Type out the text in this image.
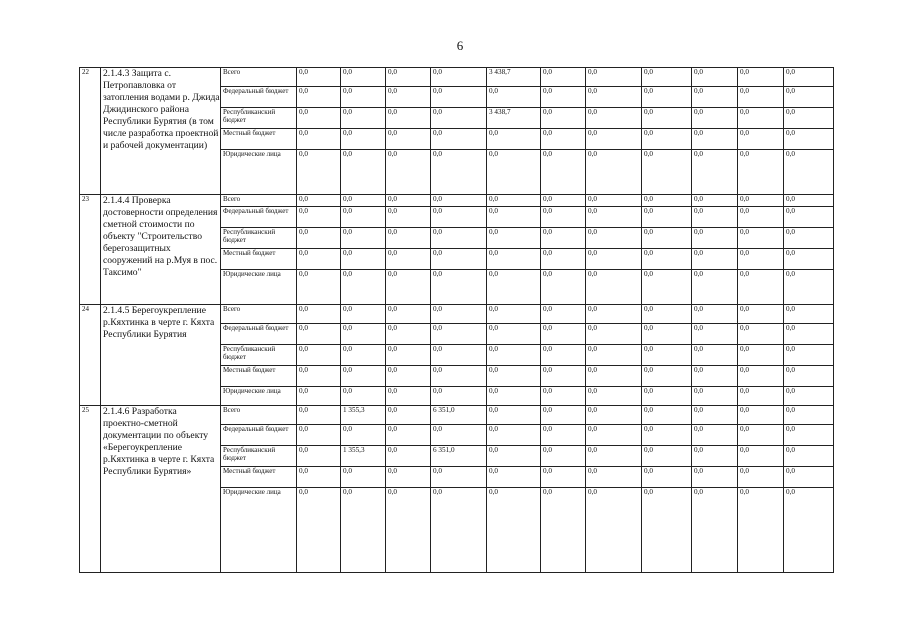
6
22	2.1.4.3 Защита с. Петропавловка от затопления водами р. Джида Джидинского района Республики Бурятия (в том числе разработка проектной и рабочей документации)	Всего	0,0	0,0	0,0	0,0	3 438,7	0,0	0,0	0,0	0,0	0,0	0,0
		Федеральный бюджет	0,0	0,0	0,0	0,0	0,0	0,0	0,0	0,0	0,0	0,0	0,0
		Республиканский бюджет	0,0	0,0	0,0	0,0	3 438,7	0,0	0,0	0,0	0,0	0,0	0,0
		Местный бюджет	0,0	0,0	0,0	0,0	0,0	0,0	0,0	0,0	0,0	0,0	0,0
		Юридические лица	0,0	0,0	0,0	0,0	0,0	0,0	0,0	0,0	0,0	0,0	0,0
23	2.1.4.4 Проверка достоверности определения сметной стоимости по объекту "Строительство берегозащитных сооружений на р.Муя в пос. Таксимо"	Всего	0,0	0,0	0,0	0,0	0,0	0,0	0,0	0,0	0,0	0,0	0,0
		Федеральный бюджет	0,0	0,0	0,0	0,0	0,0	0,0	0,0	0,0	0,0	0,0	0,0
		Республиканский бюджет	0,0	0,0	0,0	0,0	0,0	0,0	0,0	0,0	0,0	0,0	0,0
		Местный бюджет	0,0	0,0	0,0	0,0	0,0	0,0	0,0	0,0	0,0	0,0	0,0
		Юридические лица	0,0	0,0	0,0	0,0	0,0	0,0	0,0	0,0	0,0	0,0	0,0
24	2.1.4.5 Берегоукрепление р.Кяхтинка в черте г. Кяхта Республики Бурятия	Всего	0,0	0,0	0,0	0,0	0,0	0,0	0,0	0,0	0,0	0,0	0,0
		Федеральный бюджет	0,0	0,0	0,0	0,0	0,0	0,0	0,0	0,0	0,0	0,0	0,0
		Республиканский бюджет	0,0	0,0	0,0	0,0	0,0	0,0	0,0	0,0	0,0	0,0	0,0
		Местный бюджет	0,0	0,0	0,0	0,0	0,0	0,0	0,0	0,0	0,0	0,0	0,0
		Юридические лица	0,0	0,0	0,0	0,0	0,0	0,0	0,0	0,0	0,0	0,0	0,0
25	2.1.4.6 Разработка проектно-сметной документации по объекту «Берегоукрепление р.Кяхтинка в черте г. Кяхта Республики Бурятия»	Всего	0,0	1 355,3	0,0	6 351,0	0,0	0,0	0,0	0,0	0,0	0,0	0,0
		Федеральный бюджет	0,0	0,0	0,0	0,0	0,0	0,0	0,0	0,0	0,0	0,0	0,0
		Республиканский бюджет	0,0	1 355,3	0,0	6 351,0	0,0	0,0	0,0	0,0	0,0	0,0	0,0
		Местный бюджет	0,0	0,0	0,0	0,0	0,0	0,0	0,0	0,0	0,0	0,0	0,0
		Юридические лица	0,0	0,0	0,0	0,0	0,0	0,0	0,0	0,0	0,0	0,0	0,0
